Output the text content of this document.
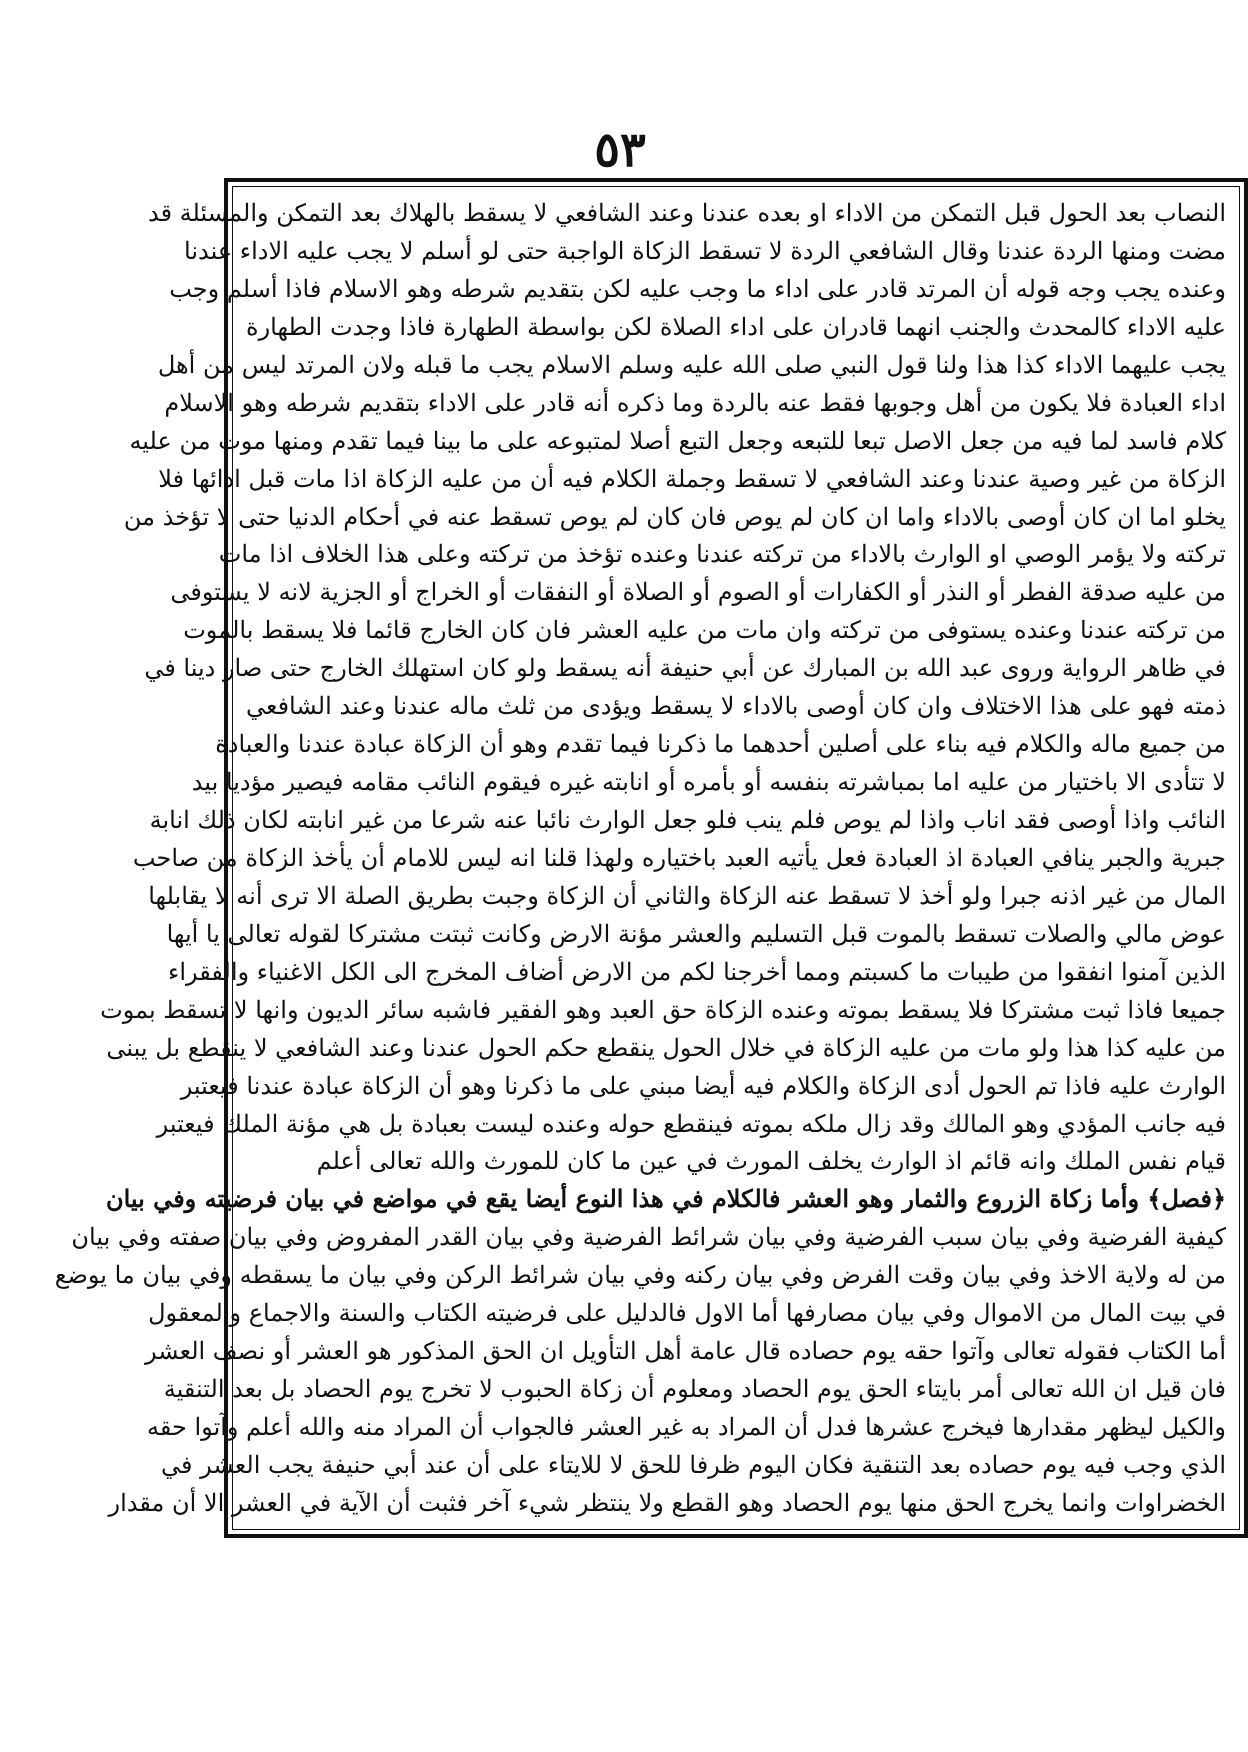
٥٣
النصاب بعد الحول قبل التمكن من الاداء او بعده عندنا وعند الشافعي لا يسقط بالهلاك بعد التمكن والمسئلة قد
مضت ومنها الردة عندنا وقال الشافعي الردة لا تسقط الزكاة الواجبة حتى لو أسلم لا يجب عليه الاداء عندنا
وعنده يجب وجه قوله أن المرتد قادر على اداء ما وجب عليه لكن بتقديم شرطه وهو الاسلام فاذا أسلم وجب
عليه الاداء كالمحدث والجنب انهما قادران على اداء الصلاة لكن بواسطة الطهارة فاذا وجدت الطهارة
يجب عليهما الاداء كذا هذا ولنا قول النبي صلى الله عليه وسلم الاسلام يجب ما قبله ولان المرتد ليس من أهل
اداء العبادة فلا يكون من أهل وجوبها فقط عنه بالردة وما ذكره أنه قادر على الاداء بتقديم شرطه وهو الاسلام
كلام فاسد لما فيه من جعل الاصل تبعا للتبعه وجعل التبع أصلا لمتبوعه على ما بينا فيما تقدم ومنها موت من عليه
الزكاة من غير وصية عندنا وعند الشافعي لا تسقط وجملة الكلام فيه أن من عليه الزكاة اذا مات قبل ادائها فلا
يخلو اما ان كان أوصى بالاداء واما ان كان لم يوص فان كان لم يوص تسقط عنه في أحكام الدنيا حتى لا تؤخذ من
تركته ولا يؤمر الوصي او الوارث بالاداء من تركته عندنا وعنده تؤخذ من تركته وعلى هذا الخلاف اذا مات
من عليه صدقة الفطر أو النذر أو الكفارات أو الصوم أو الصلاة أو النفقات أو الخراج أو الجزية لانه لا يستوفى
من تركته عندنا وعنده يستوفى من تركته وان مات من عليه العشر فان كان الخارج قائما فلا يسقط بالموت
في ظاهر الرواية وروى عبد الله بن المبارك عن أبي حنيفة أنه يسقط ولو كان استهلك الخارج حتى صار دينا في
ذمته فهو على هذا الاختلاف وان كان أوصى بالاداء لا يسقط ويؤدى من ثلث ماله عندنا وعند الشافعي
من جميع ماله والكلام فيه بناء على أصلين أحدهما ما ذكرنا فيما تقدم وهو أن الزكاة عبادة عندنا والعبادة
لا تتأدى الا باختيار من عليه اما بمباشرته بنفسه أو بأمره أو انابته غيره فيقوم النائب مقامه فيصير مؤديا بيد
النائب واذا أوصى فقد اناب واذا لم يوص فلم ينب فلو جعل الوارث نائبا عنه شرعا من غير انابته لكان ذلك انابة
جبرية والجبر ينافي العبادة اذ العبادة فعل يأتيه العبد باختياره ولهذا قلنا انه ليس للامام أن يأخذ الزكاة من صاحب
المال من غير اذنه جبرا ولو أخذ لا تسقط عنه الزكاة والثاني أن الزكاة وجبت بطريق الصلة الا ترى أنه لا يقابلها
عوض مالي والصلات تسقط بالموت قبل التسليم والعشر مؤنة الارض وكانت ثبتت مشتركا لقوله تعالى يا أيها
الذين آمنوا انفقوا من طيبات ما كسبتم ومما أخرجنا لكم من الارض أضاف المخرج الى الكل الاغنياء والفقراء
جميعا فاذا ثبت مشتركا فلا يسقط بموته وعنده الزكاة حق العبد وهو الفقير فاشبه سائر الديون وانها لا تسقط بموت
من عليه كذا هذا ولو مات من عليه الزكاة في خلال الحول ينقطع حكم الحول عندنا وعند الشافعي لا ينقطع بل يبنى
الوارث عليه فاذا تم الحول أدى الزكاة والكلام فيه أيضا مبني على ما ذكرنا وهو أن الزكاة عبادة عندنا فيعتبر
فيه جانب المؤدي وهو المالك وقد زال ملكه بموته فينقطع حوله وعنده ليست بعبادة بل هي مؤنة الملك فيعتبر
قيام نفس الملك وانه قائم اذ الوارث يخلف المورث في عين ما كان للمورث والله تعالى أعلم
﴿فصل﴾ وأما زكاة الزروع والثمار وهو العشر فالكلام في هذا النوع أيضا يقع في مواضع في بيان فرضيته وفي بيان
كيفية الفرضية وفي بيان سبب الفرضية وفي بيان شرائط الفرضية وفي بيان القدر المفروض وفي بيان صفته وفي بيان
من له ولاية الاخذ وفي بيان وقت الفرض وفي بيان ركنه وفي بيان شرائط الركن وفي بيان ما يسقطه وفي بيان ما يوضع
في بيت المال من الاموال وفي بيان مصارفها أما الاول فالدليل على فرضيته الكتاب والسنة والاجماع والمعقول
أما الكتاب فقوله تعالى وآتوا حقه يوم حصاده قال عامة أهل التأويل ان الحق المذكور هو العشر أو نصف العشر
فان قيل ان الله تعالى أمر بايتاء الحق يوم الحصاد ومعلوم أن زكاة الحبوب لا تخرج يوم الحصاد بل بعد التنقية
والكيل ليظهر مقدارها فيخرج عشرها فدل أن المراد به غير العشر فالجواب أن المراد منه والله أعلم وآتوا حقه
الذي وجب فيه يوم حصاده بعد التنقية فكان اليوم ظرفا للحق لا للايتاء على أن عند أبي حنيفة يجب العشر في
الخضراوات وانما يخرج الحق منها يوم الحصاد وهو القطع ولا ينتظر شيء آخر فثبت أن الآية في العشر الا أن مقدار
